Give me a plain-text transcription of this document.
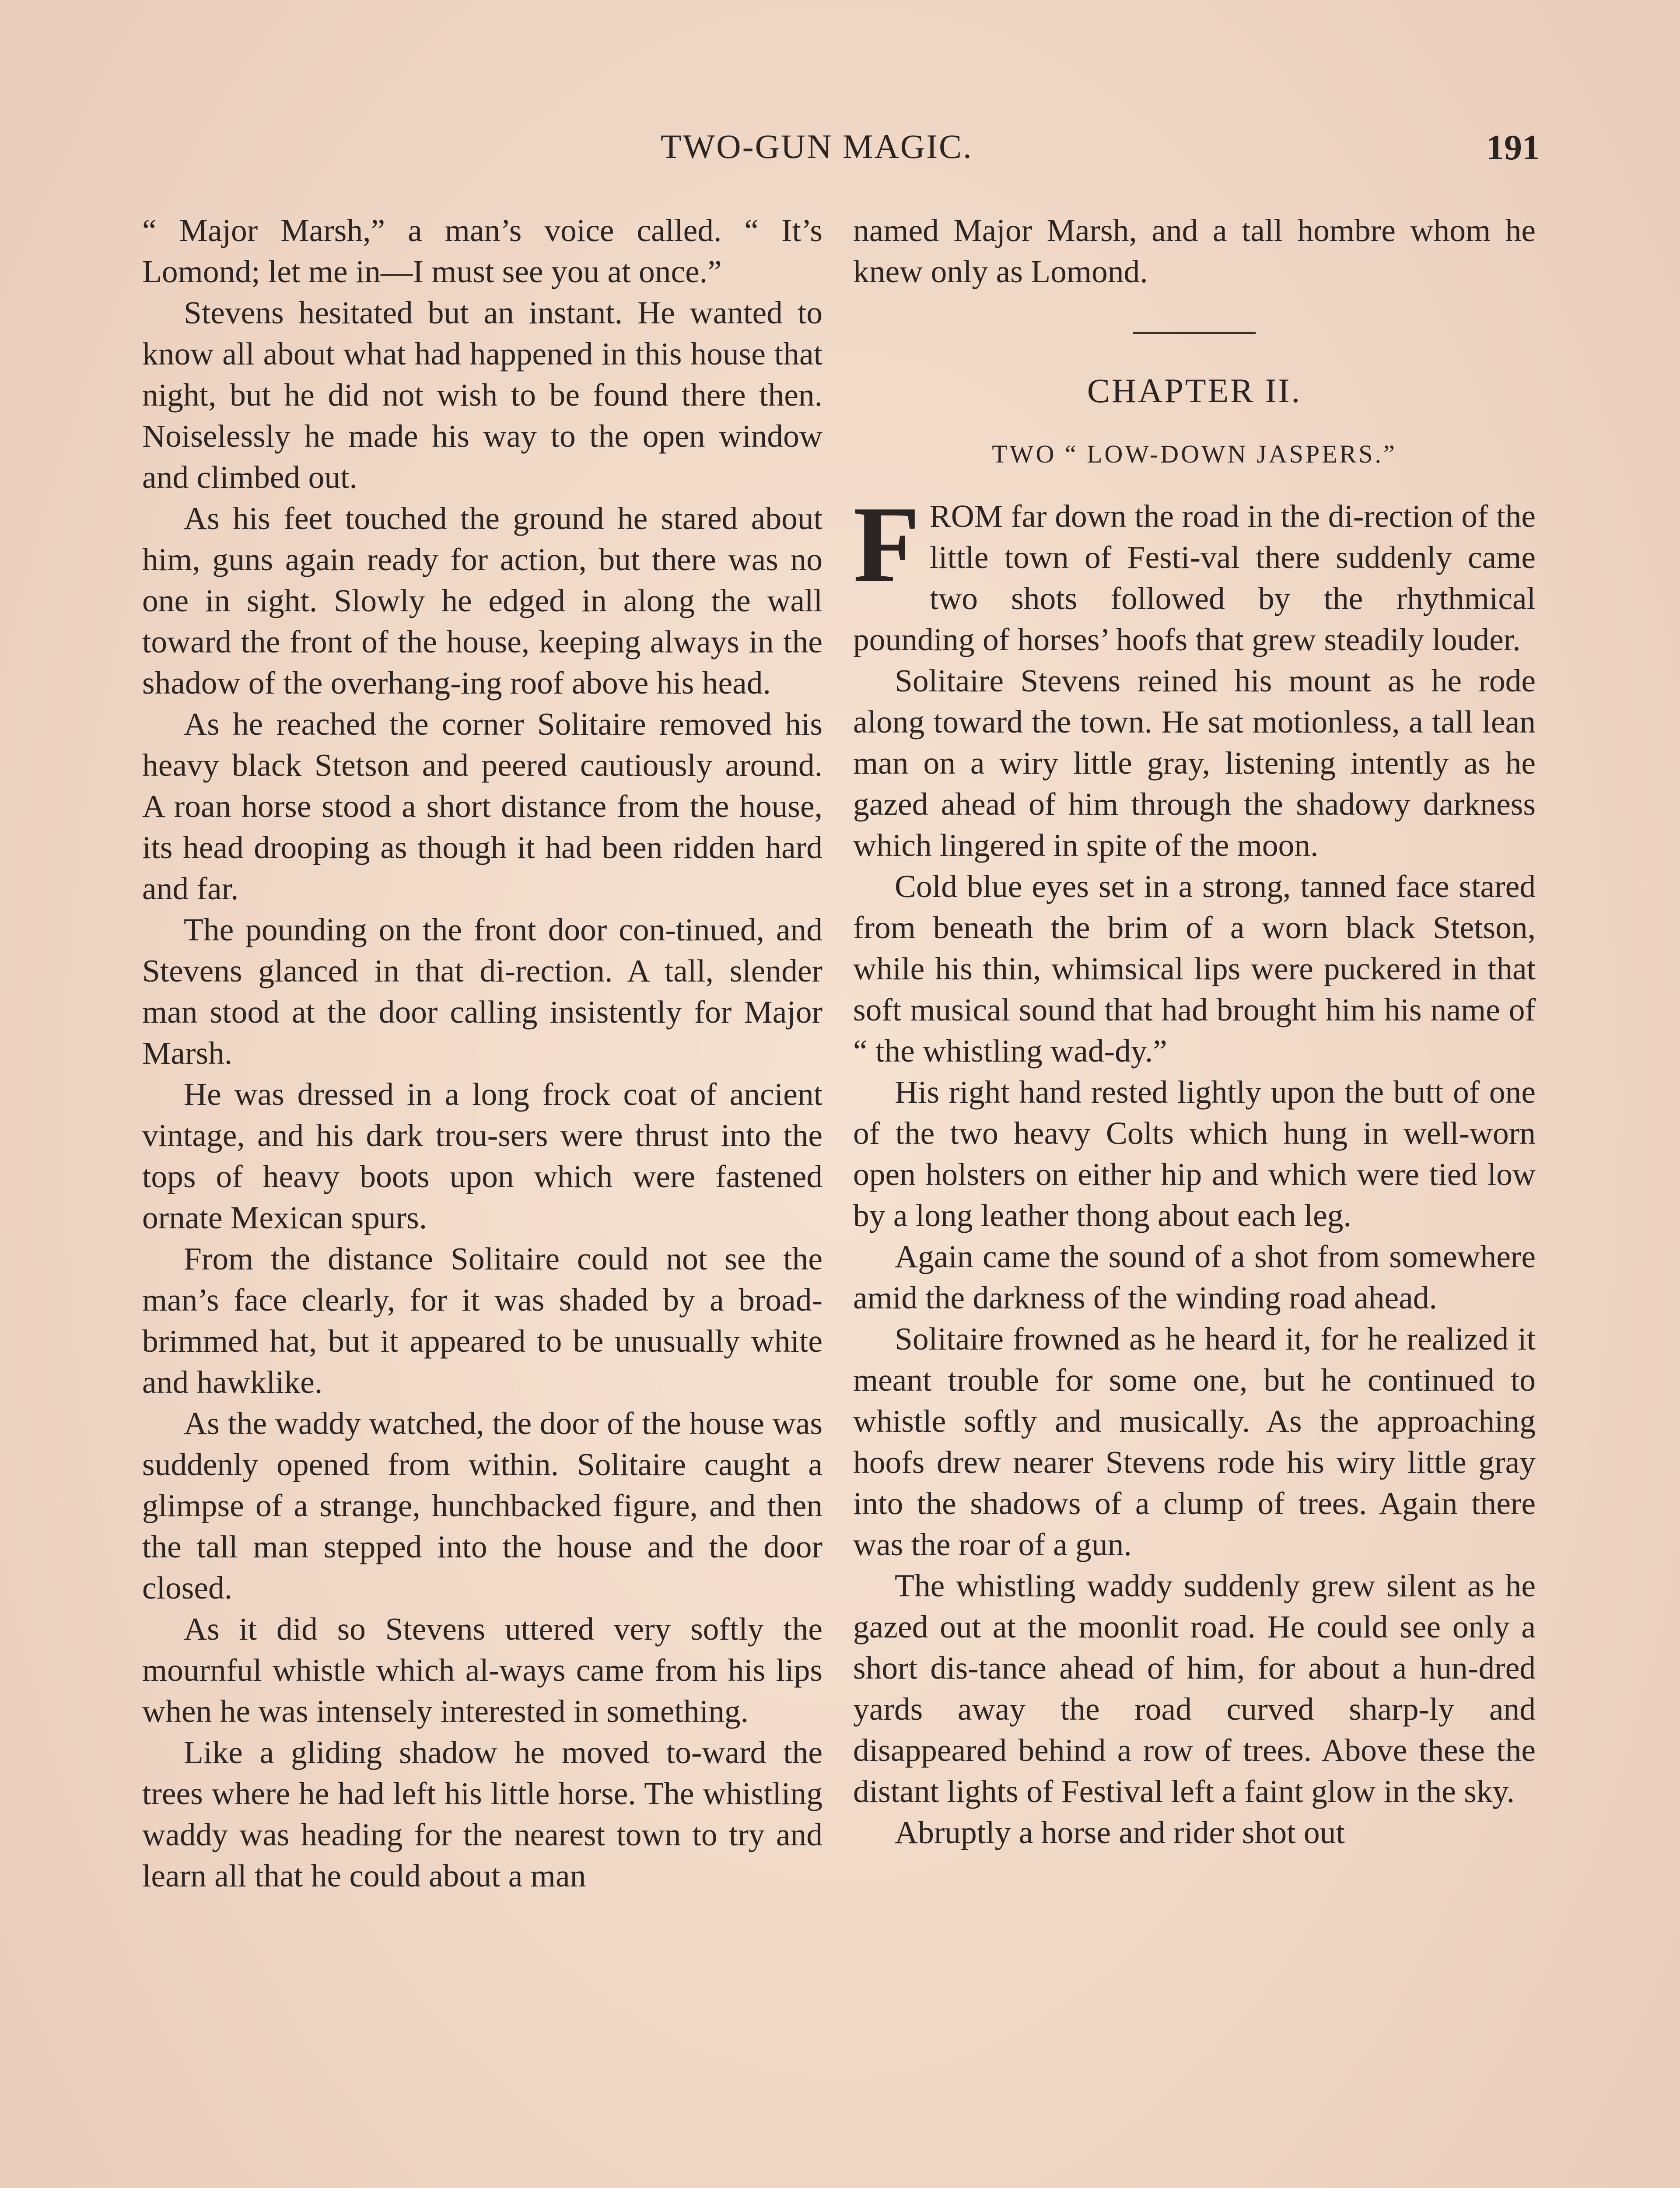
TWO-GUN MAGIC.	191

“ Major Marsh,” a man’s voice called. “ It’s Lomond; let me in—I must see you at once.”

Stevens hesitated but an instant. He wanted to know all about what had happened in this house that night, but he did not wish to be found there then. Noiselessly he made his way to the open window and climbed out.

As his feet touched the ground he stared about him, guns again ready for action, but there was no one in sight. Slowly he edged in along the wall toward the front of the house, keeping always in the shadow of the overhang-ing roof above his head.

As he reached the corner Solitaire removed his heavy black Stetson and peered cautiously around. A roan horse stood a short distance from the house, its head drooping as though it had been ridden hard and far.

The pounding on the front door con-tinued, and Stevens glanced in that di-rection. A tall, slender man stood at the door calling insistently for Major Marsh.

He was dressed in a long frock coat of ancient vintage, and his dark trou-sers were thrust into the tops of heavy boots upon which were fastened ornate Mexican spurs.

From the distance Solitaire could not see the man’s face clearly, for it was shaded by a broad-brimmed hat, but it appeared to be unusually white and hawklike.

As the waddy watched, the door of the house was suddenly opened from within. Solitaire caught a glimpse of a strange, hunchbacked figure, and then the tall man stepped into the house and the door closed.

As it did so Stevens uttered very softly the mournful whistle which al-ways came from his lips when he was intensely interested in something.

Like a gliding shadow he moved to-ward the trees where he had left his little horse. The whistling waddy was heading for the nearest town to try and learn all that he could about a man

named Major Marsh, and a tall hombre whom he knew only as Lomond.

CHAPTER II.
TWO “ LOW-DOWN JASPERS.”

FROM far down the road in the di-rection of the little town of Festi-val there suddenly came two shots followed by the rhythmical pounding of horses’ hoofs that grew steadily louder.

Solitaire Stevens reined his mount as he rode along toward the town. He sat motionless, a tall lean man on a wiry little gray, listening intently as he gazed ahead of him through the shadowy darkness which lingered in spite of the moon.

Cold blue eyes set in a strong, tanned face stared from beneath the brim of a worn black Stetson, while his thin, whimsical lips were puckered in that soft musical sound that had brought him his name of “ the whistling wad-dy.”

His right hand rested lightly upon the butt of one of the two heavy Colts which hung in well-worn open holsters on either hip and which were tied low by a long leather thong about each leg.

Again came the sound of a shot from somewhere amid the darkness of the winding road ahead.

Solitaire frowned as he heard it, for he realized it meant trouble for some one, but he continued to whistle softly and musically. As the approaching hoofs drew nearer Stevens rode his wiry little gray into the shadows of a clump of trees. Again there was the roar of a gun.

The whistling waddy suddenly grew silent as he gazed out at the moonlit road. He could see only a short dis-tance ahead of him, for about a hun-dred yards away the road curved sharp-ly and disappeared behind a row of trees. Above these the distant lights of Festival left a faint glow in the sky.

Abruptly a horse and rider shot out
